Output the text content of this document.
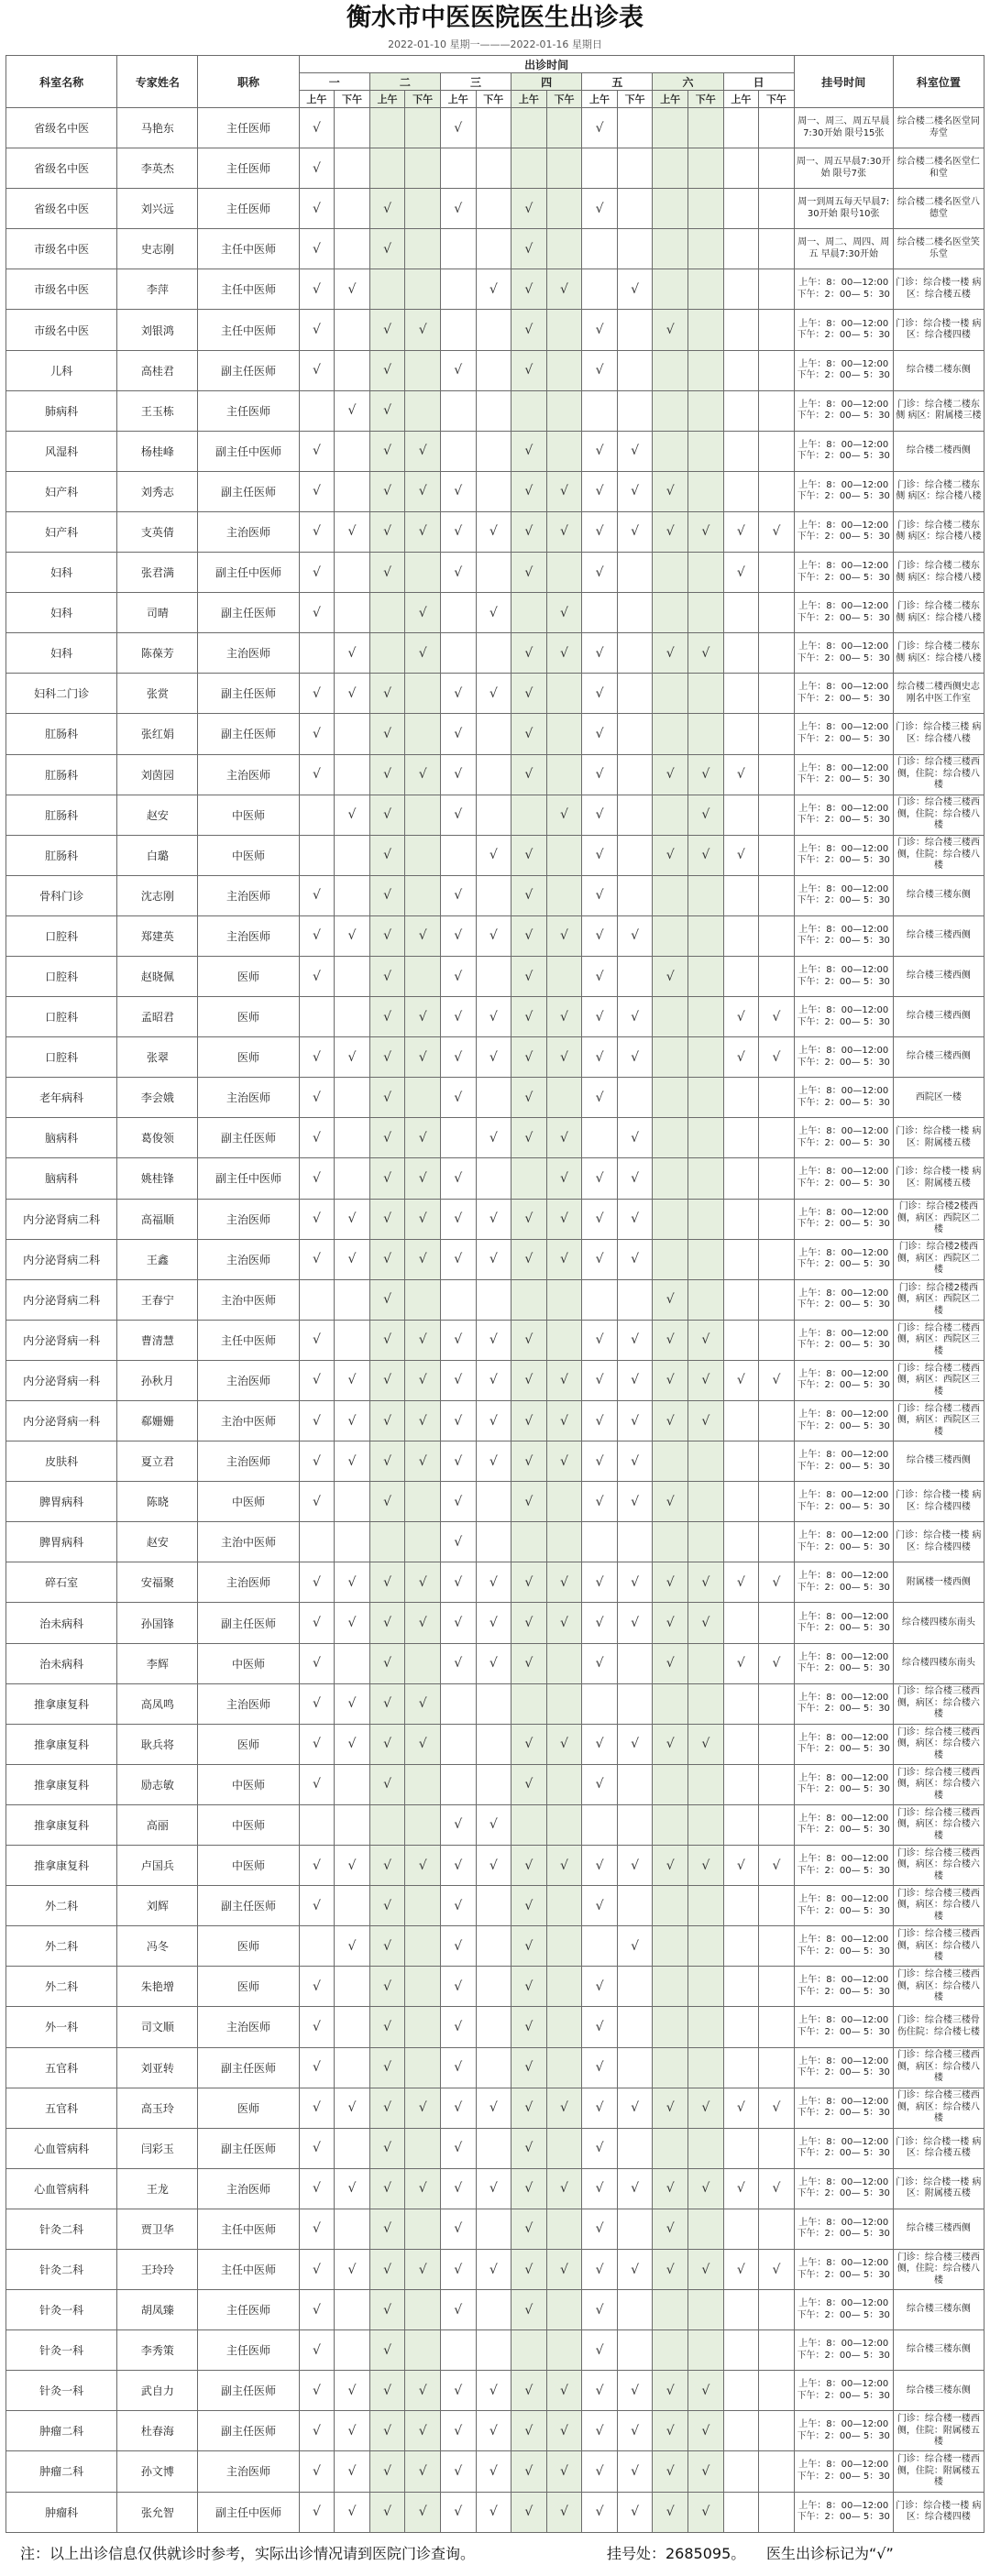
衡水市中医医院医生出诊表
2022-01-10 星期一———2022-01-16 星期日
科室名称	专家姓名	职称	出诊时间														挂号时间	科室位置
			一		二		三		四		五		六		日			
			上午	下午	上午	下午	上午	下午	上午	下午	上午	下午	上午	下午	上午	下午		
省级名中医	马艳东	主任医师	√				√				√						周一、周三、周五早晨7:30开始 限号15张	综合楼二楼名医堂同寿堂
省级名中医	李英杰	主任医师	√														周一、周五早晨7:30开始 限号7张	综合楼二楼名医堂仁和堂
省级名中医	刘兴远	主任医师	√		√		√		√		√						周一到周五每天早晨7:30开始 限号10张	综合楼二楼名医堂八德堂
市级名中医	史志刚	主任中医师	√		√				√								周一、周二、周四、周五 早晨7:30开始	综合楼二楼名医堂笑乐堂
市级名中医	李萍	主任中医师	√	√				√	√	√		√					上午：8：00—12:00 下午：2：00— 5：30	门诊：综合楼一楼 病区：综合楼五楼
市级名中医	刘银鸿	主任中医师	√		√	√			√		√		√				上午：8：00—12:00 下午：2：00— 5：30	门诊：综合楼一楼 病区：综合楼四楼
儿科	高桂君	副主任医师	√		√		√		√		√						上午：8：00—12:00 下午：2：00— 5：30	综合楼二楼东侧
肺病科	王玉栋	主任医师		√	√												上午：8：00—12:00 下午：2：00— 5：30	门诊：综合楼二楼东侧 病区：附属楼三楼
风湿科	杨桂峰	副主任中医师	√		√	√			√		√	√					上午：8：00—12:00 下午：2：00— 5：30	综合楼二楼西侧
妇产科	刘秀志	副主任医师	√		√	√	√		√	√	√	√	√				上午：8：00—12:00 下午：2：00— 5：30	门诊：综合楼二楼东侧 病区：综合楼八楼
妇产科	支英倩	主治医师	√	√	√	√	√	√	√	√	√	√	√	√	√	√	上午：8：00—12:00 下午：2：00— 5：30	门诊：综合楼二楼东侧 病区：综合楼八楼
妇科	张君满	副主任中医师	√		√		√		√		√				√		上午：8：00—12:00 下午：2：00— 5：30	门诊：综合楼二楼东侧 病区：综合楼八楼
妇科	司晴	副主任医师	√			√		√		√							上午：8：00—12:00 下午：2：00— 5：30	门诊：综合楼二楼东侧 病区：综合楼八楼
妇科	陈葆芳	主治医师		√		√			√	√	√		√	√			上午：8：00—12:00 下午：2：00— 5：30	门诊：综合楼二楼东侧 病区：综合楼八楼
妇科二门诊	张赏	副主任医师	√	√	√		√	√	√		√						上午：8：00—12:00 下午：2：00— 5：30	综合楼二楼西侧史志刚名中医工作室
肛肠科	张红娟	副主任医师	√		√		√		√		√						上午：8：00—12:00 下午：2：00— 5：30	门诊：综合楼三楼 病区：综合楼八楼
肛肠科	刘茵园	主治医师	√		√	√	√		√		√		√	√	√		上午：8：00—12:00 下午：2：00— 5：30	门诊：综合楼三楼西侧，住院：综合楼八楼
肛肠科	赵安	中医师		√	√		√			√	√			√			上午：8：00—12:00 下午：2：00— 5：30	门诊：综合楼三楼西侧，住院：综合楼八楼
肛肠科	白璐	中医师			√			√	√		√		√	√	√		上午：8：00—12:00 下午：2：00— 5：30	门诊：综合楼三楼西侧，住院：综合楼八楼
骨科门诊	沈志刚	主治医师	√		√		√		√		√						上午：8：00—12:00 下午：2：00— 5：30	综合楼三楼东侧
口腔科	郑建英	主治医师	√	√	√	√	√	√	√	√	√	√					上午：8：00—12:00 下午：2：00— 5：30	综合楼三楼西侧
口腔科	赵晓佩	医师	√		√		√		√		√		√				上午：8：00—12:00 下午：2：00— 5：30	综合楼三楼西侧
口腔科	孟昭君	医师			√	√	√	√	√	√	√	√			√	√	上午：8：00—12:00 下午：2：00— 5：30	综合楼三楼西侧
口腔科	张翠	医师	√	√	√	√	√	√	√	√	√	√			√	√	上午：8：00—12:00 下午：2：00— 5：30	综合楼三楼西侧
老年病科	李会娥	主治医师	√		√		√		√		√						上午：8：00—12:00 下午：2：00— 5：30	西院区一楼
脑病科	葛俊领	副主任医师	√		√	√		√	√	√		√					上午：8：00—12:00 下午：2：00— 5：30	门诊：综合楼一楼 病区：附属楼五楼
脑病科	姚桂锋	副主任中医师	√		√	√	√			√	√	√					上午：8：00—12:00 下午：2：00— 5：30	门诊：综合楼一楼 病区：附属楼五楼
内分泌肾病二科	高福顺	主治医师	√	√	√	√	√	√	√	√	√	√					上午：8：00—12:00 下午：2：00— 5：30	门诊：综合楼2楼西侧，病区：西院区二楼
内分泌肾病二科	王鑫	主治医师	√	√	√	√	√	√	√	√	√	√					上午：8：00—12:00 下午：2：00— 5：30	门诊：综合楼2楼西侧，病区：西院区二楼
内分泌肾病二科	王春宁	主治中医师			√								√				上午：8：00—12:00 下午：2：00— 5：30	门诊：综合楼2楼西侧，病区：西院区二楼
内分泌肾病一科	曹清慧	主任中医师	√		√	√	√	√	√		√	√	√	√			上午：8：00—12:00 下午：2：00— 5：30	门诊：综合楼二楼西侧，病区：西院区三楼
内分泌肾病一科	孙秋月	主治医师	√	√	√	√	√	√	√	√	√	√	√	√	√	√	上午：8：00—12:00 下午：2：00— 5：30	门诊：综合楼二楼西侧，病区：西院区三楼
内分泌肾病一科	郗姗姗	主治中医师	√	√	√	√	√	√	√	√	√	√	√	√			上午：8：00—12:00 下午：2：00— 5：30	门诊：综合楼二楼西侧，病区：西院区三楼
皮肤科	夏立君	主治医师	√	√	√	√	√	√	√	√	√	√					上午：8：00—12:00 下午：2：00— 5：30	综合楼三楼西侧
脾胃病科	陈晓	中医师	√		√		√		√		√	√	√				上午：8：00—12:00 下午：2：00— 5：30	门诊：综合楼一楼 病区：综合楼四楼
脾胃病科	赵安	主治中医师					√										上午：8：00—12:00 下午：2：00— 5：30	门诊：综合楼一楼 病区：综合楼四楼
碎石室	安福聚	主治医师	√	√	√	√	√	√	√	√	√	√	√	√	√	√	上午：8：00—12:00 下午：2：00— 5：30	附属楼一楼西侧
治未病科	孙国锋	副主任医师	√	√	√	√	√	√	√	√	√	√	√	√			上午：8：00—12:00 下午：2：00— 5：30	综合楼四楼东南头
治未病科	李辉	中医师	√		√		√	√	√		√		√		√	√	上午：8：00—12:00 下午：2：00— 5：30	综合楼四楼东南头
推拿康复科	高凤鸣	主治医师	√	√	√	√											上午：8：00—12:00 下午：2：00— 5：30	门诊：综合楼三楼西侧，病区：综合楼六楼
推拿康复科	耿兵将	医师	√	√	√	√			√	√	√	√	√	√			上午：8：00—12:00 下午：2：00— 5：30	门诊：综合楼三楼西侧，病区：综合楼六楼
推拿康复科	励志敏	中医师	√		√				√		√						上午：8：00—12:00 下午：2：00— 5：30	门诊：综合楼三楼西侧，病区：综合楼六楼
推拿康复科	高丽	中医师					√	√									上午：8：00—12:00 下午：2：00— 5：30	门诊：综合楼三楼西侧，病区：综合楼六楼
推拿康复科	卢国兵	中医师	√	√	√	√	√	√	√	√	√	√	√	√	√	√	上午：8：00—12:00 下午：2：00— 5：30	门诊：综合楼三楼西侧，病区：综合楼六楼
外二科	刘辉	副主任医师	√		√		√		√		√						上午：8：00—12:00 下午：2：00— 5：30	门诊：综合楼三楼西侧，病区：综合楼八楼
外二科	冯冬	医师		√	√		√		√			√					上午：8：00—12:00 下午：2：00— 5：30	门诊：综合楼三楼西侧，病区：综合楼八楼
外二科	朱艳增	医师	√		√		√		√		√						上午：8：00—12:00 下午：2：00— 5：30	门诊：综合楼三楼西侧，病区：综合楼八楼
外一科	司文顺	主治医师	√		√		√		√		√						上午：8：00—12:00 下午：2：00— 5：30	门诊：综合楼三楼骨伤住院：综合楼七楼
五官科	刘亚转	副主任医师	√		√		√		√		√						上午：8：00—12:00 下午：2：00— 5：30	门诊：综合楼三楼西侧，病区：综合楼八楼
五官科	高玉玲	医师	√	√	√	√	√	√	√	√	√	√	√	√	√	√	上午：8：00—12:00 下午：2：00— 5：30	门诊：综合楼三楼西侧，病区：综合楼八楼
心血管病科	闫彩玉	副主任医师	√		√		√		√		√						上午：8：00—12:00 下午：2：00— 5：30	门诊：综合楼一楼 病区：综合楼五楼
心血管病科	王龙	主治医师	√	√	√	√	√	√	√	√	√	√	√	√	√	√	上午：8：00—12:00 下午：2：00— 5：30	门诊：综合楼一楼 病区：附属楼五楼
针灸二科	贾卫华	主任中医师	√		√		√		√		√		√				上午：8：00—12:00 下午：2：00— 5：30	综合楼三楼西侧
针灸二科	王玲玲	主任中医师	√	√	√	√	√	√	√	√	√	√	√	√	√	√	上午：8：00—12:00 下午：2：00— 5：30	门诊：综合楼三楼西侧，住院：综合楼八楼
针灸一科	胡凤臻	主任医师	√		√		√		√		√						上午：8：00—12:00 下午：2：00— 5：30	综合楼三楼东侧
针灸一科	李秀策	主任医师	√		√						√						上午：8：00—12:00 下午：2：00— 5：30	综合楼三楼东侧
针灸一科	武自力	副主任医师	√	√	√	√	√	√	√	√	√	√	√	√			上午：8：00—12:00 下午：2：00— 5：30	综合楼三楼东侧
肿瘤二科	杜春海	副主任医师	√	√	√	√	√	√	√	√	√	√	√	√			上午：8：00—12:00 下午：2：00— 5：30	门诊：综合楼一楼西侧，住院：附属楼五楼
肿瘤二科	孙文博	主治医师	√	√	√	√	√	√	√	√	√	√	√	√			上午：8：00—12:00 下午：2：00— 5：30	门诊：综合楼一楼西侧，住院：附属楼五楼
肿瘤科	张允智	副主任中医师	√	√	√	√	√	√	√	√	√	√	√	√			上午：8：00—12:00 下午：2：00— 5：30	门诊：综合楼一楼 病区：综合楼四楼
注：以上出诊信息仅供就诊时参考，实际出诊情况请到医院门诊查询。	挂号处：2685095。 医生出诊标记为“√”
